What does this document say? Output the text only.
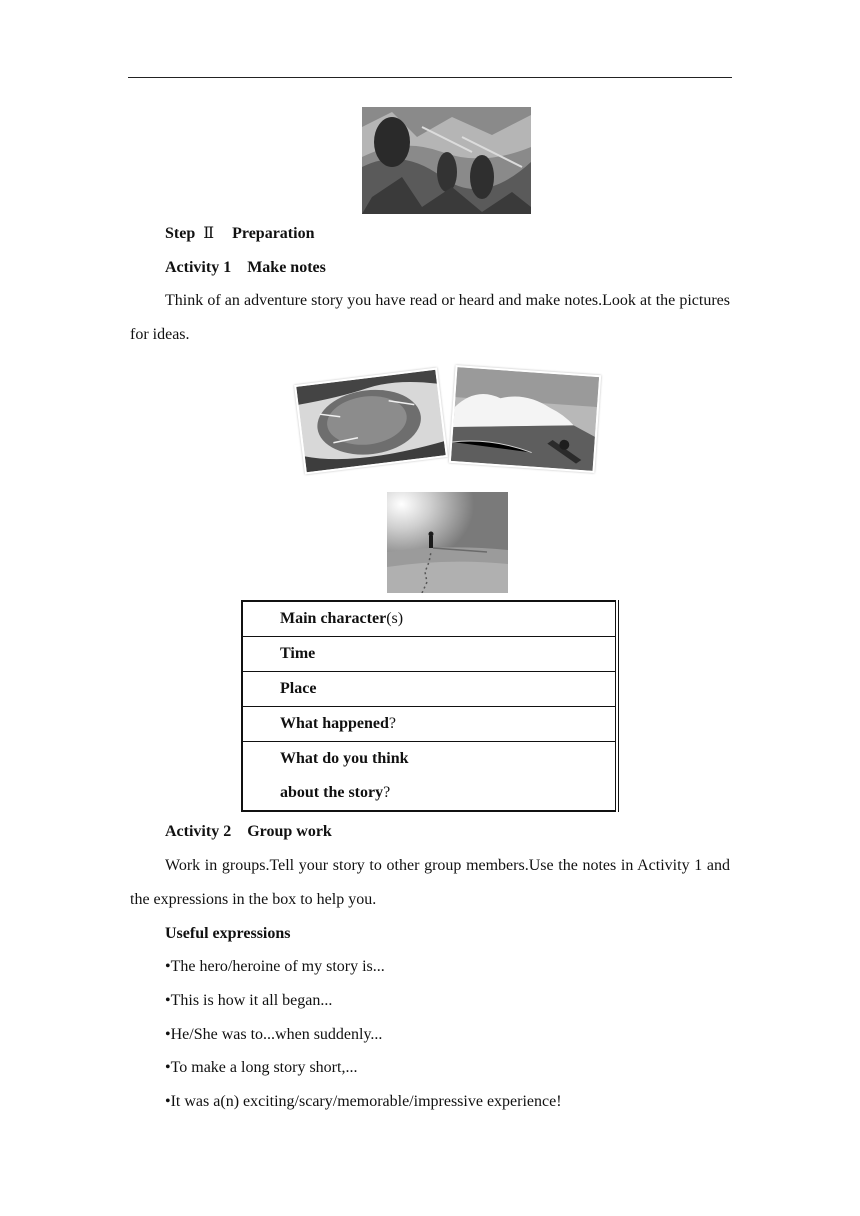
Step Ⅱ Preparation
Activity 1　Make notes
Think of an adventure story you have read or heard and make notes.Look at the pictures for ideas.
Main character(s)
Time
Place
What happened?
What do you think
about the story?
Activity 2　Group work
Work in groups.Tell your story to other group members.Use the notes in Activity 1 and the expressions in the box to help you.
Useful expressions
•The hero/heroine of my story is...
•This is how it all began...
•He/She was to...when suddenly...
•To make a long story short,...
•It was a(n) exciting/scary/memorable/impressive experience!
